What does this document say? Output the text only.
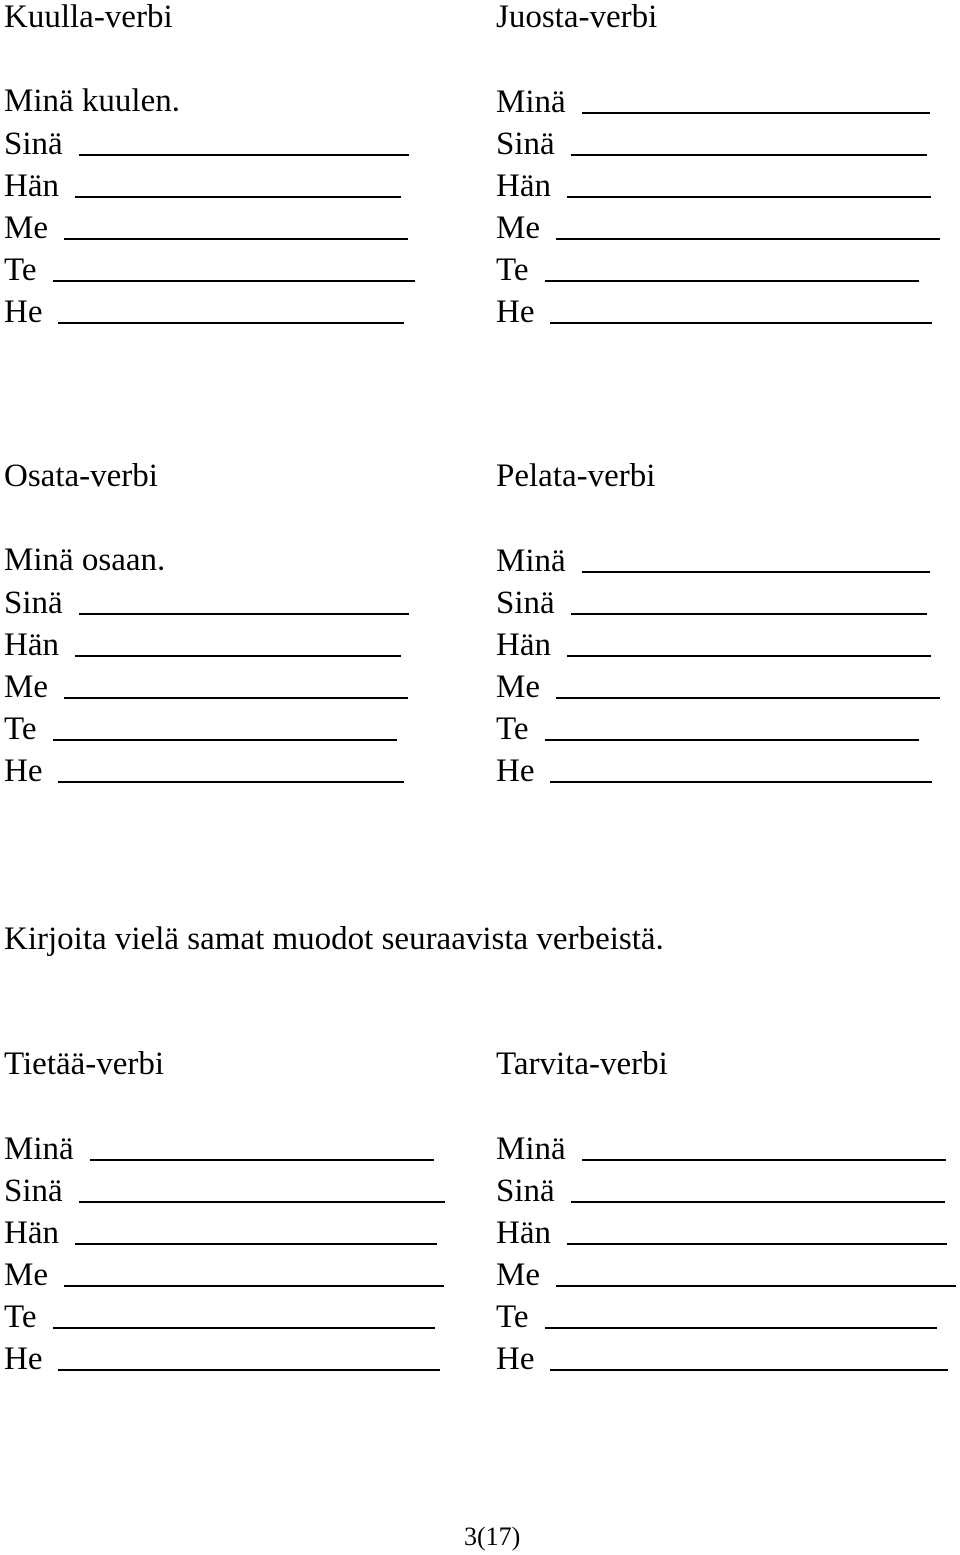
Kuulla-verbi
Minä kuulen.
Sinä
Hän
Me
Te
He
Juosta-verbi
Minä
Sinä
Hän
Me
Te
He
Osata-verbi
Minä osaan.
Sinä
Hän
Me
Te
He
Pelata-verbi
Minä
Sinä
Hän
Me
Te
He
Kirjoita vielä samat muodot seuraavista verbeistä.
Tietää-verbi
Minä
Sinä
Hän
Me
Te
He
Tarvita-verbi
Minä
Sinä
Hän
Me
Te
He
3(17)
